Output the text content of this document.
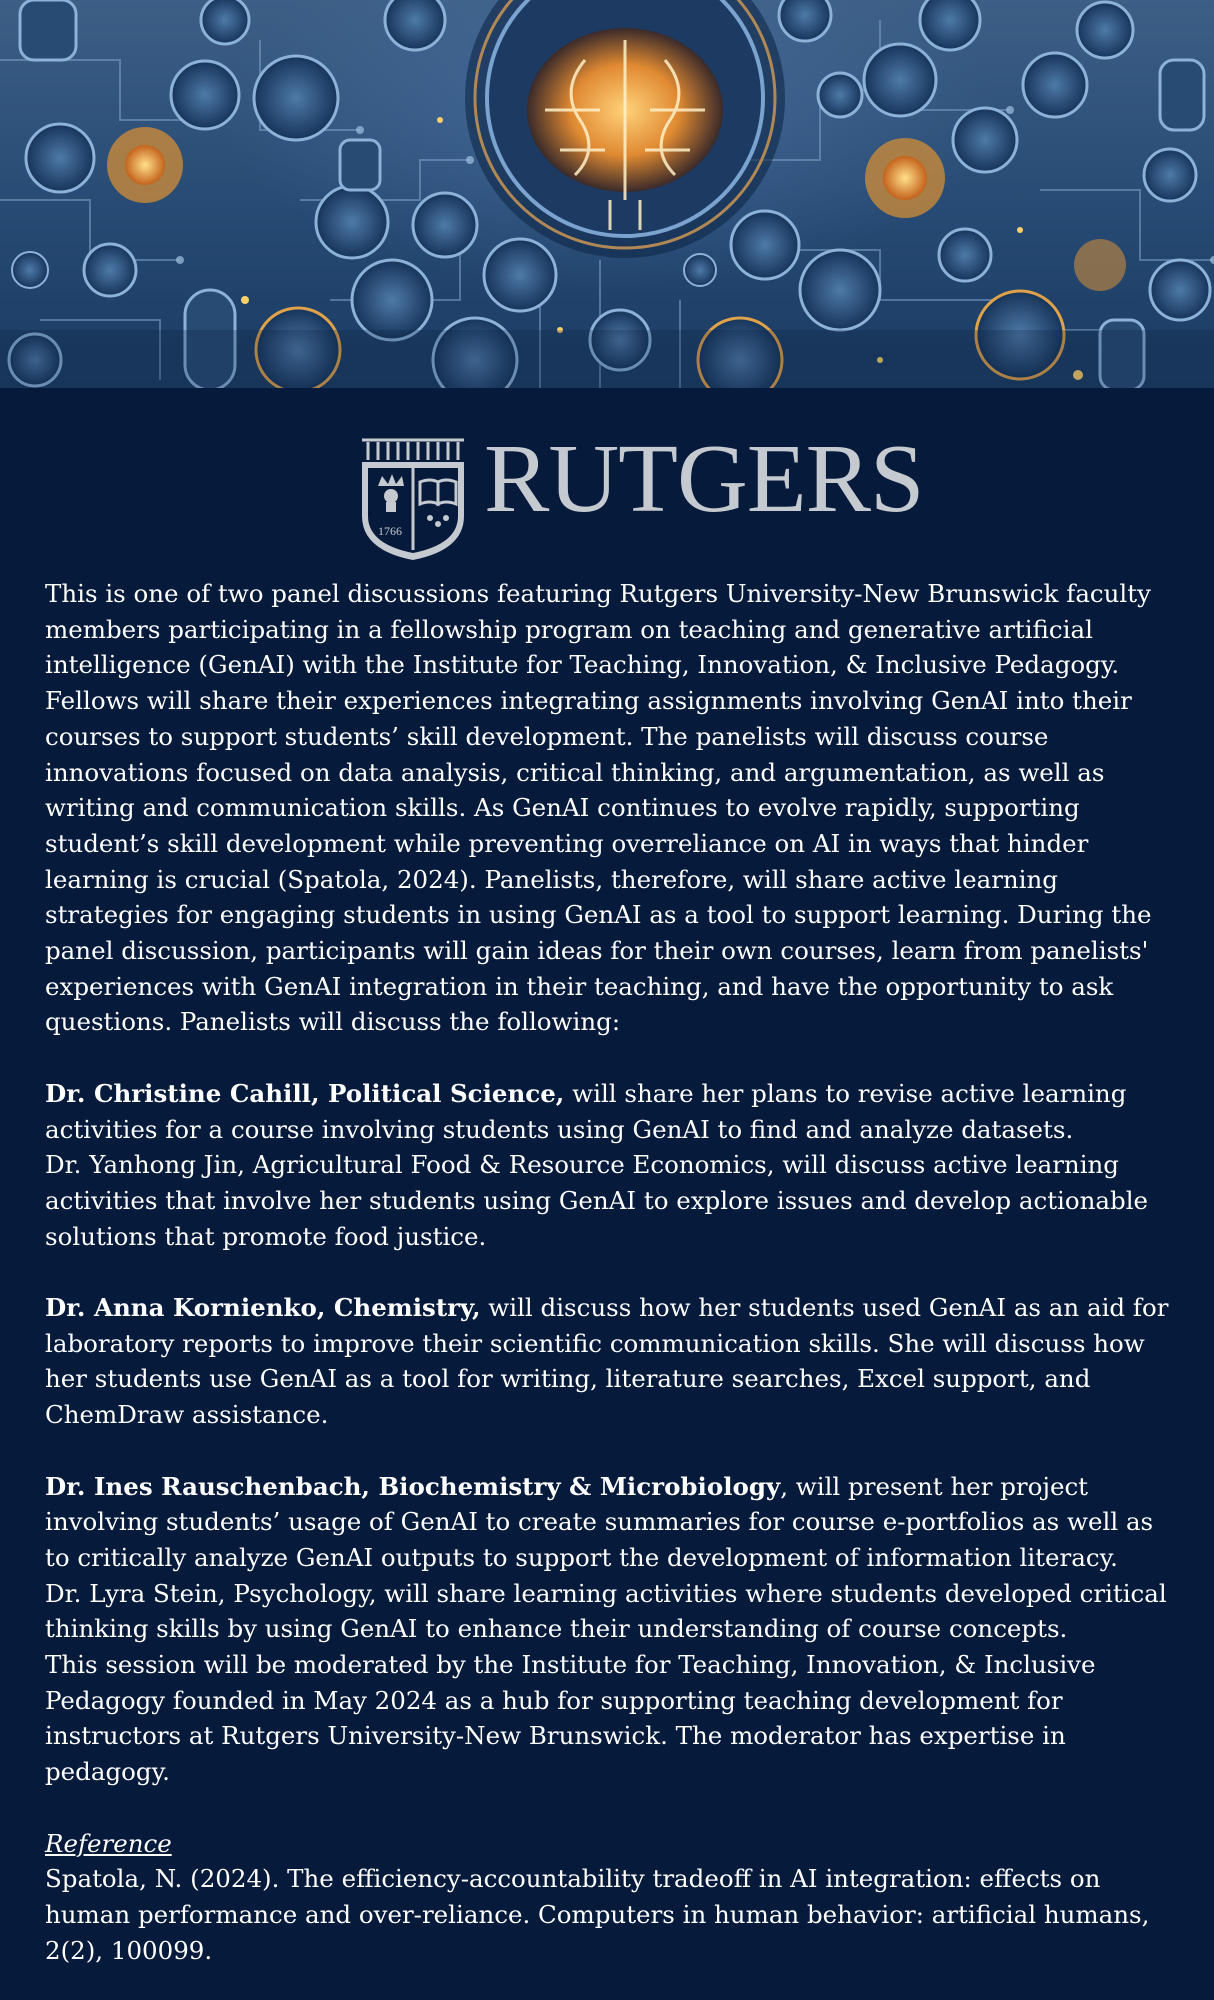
1766 RUTGERS

This is one of two panel discussions featuring Rutgers University-New Brunswick faculty members participating in a fellowship program on teaching and generative artificial intelligence (GenAI) with the Institute for Teaching, Innovation, & Inclusive Pedagogy. Fellows will share their experiences integrating assignments involving GenAI into their courses to support students’ skill development. The panelists will discuss course innovations focused on data analysis, critical thinking, and argumentation, as well as writing and communication skills. As GenAI continues to evolve rapidly, supporting student’s skill development while preventing overreliance on AI in ways that hinder learning is crucial (Spatola, 2024). Panelists, therefore, will share active learning strategies for engaging students in using GenAI as a tool to support learning. During the panel discussion, participants will gain ideas for their own courses, learn from panelists' experiences with GenAI integration in their teaching, and have the opportunity to ask questions. Panelists will discuss the following:

Dr. Christine Cahill, Political Science, will share her plans to revise active learning activities for a course involving students using GenAI to find and analyze datasets.

Dr. Yanhong Jin, Agricultural Food & Resource Economics, will discuss active learning activities that involve her students using GenAI to explore issues and develop actionable solutions that promote food justice.

Dr. Anna Kornienko, Chemistry, will discuss how her students used GenAI as an aid for laboratory reports to improve their scientific communication skills. She will discuss how her students use GenAI as a tool for writing, literature searches, Excel support, and ChemDraw assistance.

Dr. Ines Rauschenbach, Biochemistry & Microbiology, will present her project involving students’ usage of GenAI to create summaries for course e-portfolios as well as to critically analyze GenAI outputs to support the development of information literacy.

Dr. Lyra Stein, Psychology, will share learning activities where students developed critical thinking skills by using GenAI to enhance their understanding of course concepts.

This session will be moderated by the Institute for Teaching, Innovation, & Inclusive Pedagogy founded in May 2024 as a hub for supporting teaching development for instructors at Rutgers University-New Brunswick. The moderator has expertise in pedagogy.

Reference

Spatola, N. (2024). The efficiency-accountability tradeoff in AI integration: effects on human performance and over-reliance. Computers in human behavior: artificial humans, 2(2), 100099.
